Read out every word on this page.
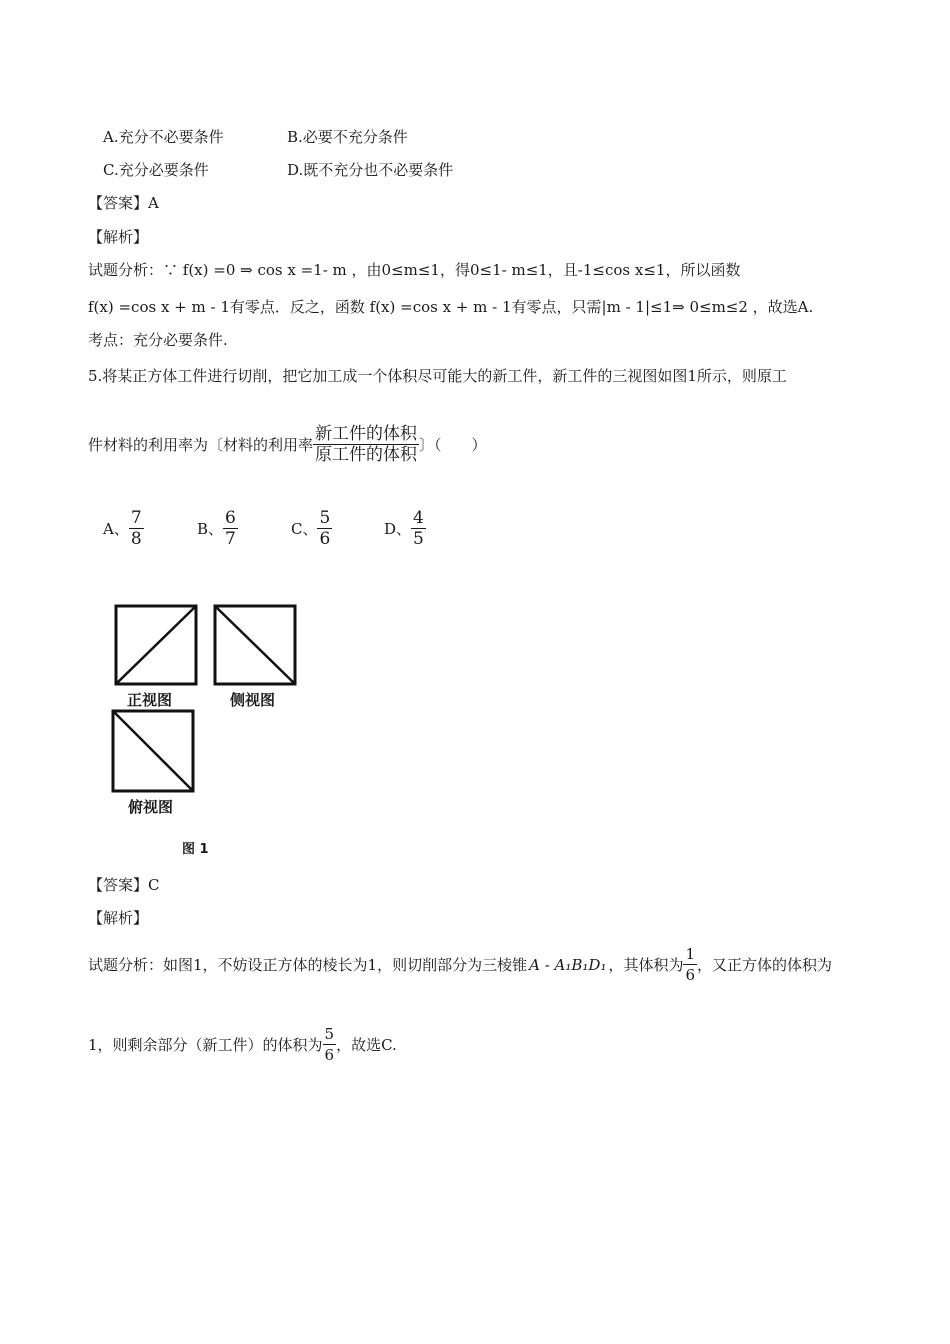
A.充分不必要条件	B.必要不充分条件
C.充分必要条件	D.既不充分也不必要条件
【答案】A
【解析】
试题分析：∵ f(x) =0 ⇒ cos x =1- m ，由0≤m≤1，得0≤1- m≤1，且-1≤cos x≤1，所以函数
f(x) =cos x + m - 1有零点．反之，函数 f(x) =cos x + m - 1有零点，只需|m - 1|≤1⇒ 0≤m≤2 ，故选A.
考点：充分必要条件.
5.将某正方体工件进行切削，把它加工成一个体积尽可能大的新工件，新工件的三视图如图1所示，则原工
件材料的利用率为〔材料的利用率 $\frac{\text{新工件的体积}}{\text{原工件的体积}}$ 〕（　　）
A、 $\frac{7}{8}$	B、 $\frac{6}{7}$	C、 $\frac{5}{6}$	D、 $\frac{4}{5}$
正视图	侧视图
俯视图
图 1
【答案】C
【解析】
试题分析：如图1，不妨设正方体的棱长为1，则切削部分为三棱锥 A - A₁B₁D₁ ，其体积为 $\frac{1}{6}$ ，又正方体的体积为
1，则剩余部分（新工件）的体积为 $\frac{5}{6}$ ，故选C.
